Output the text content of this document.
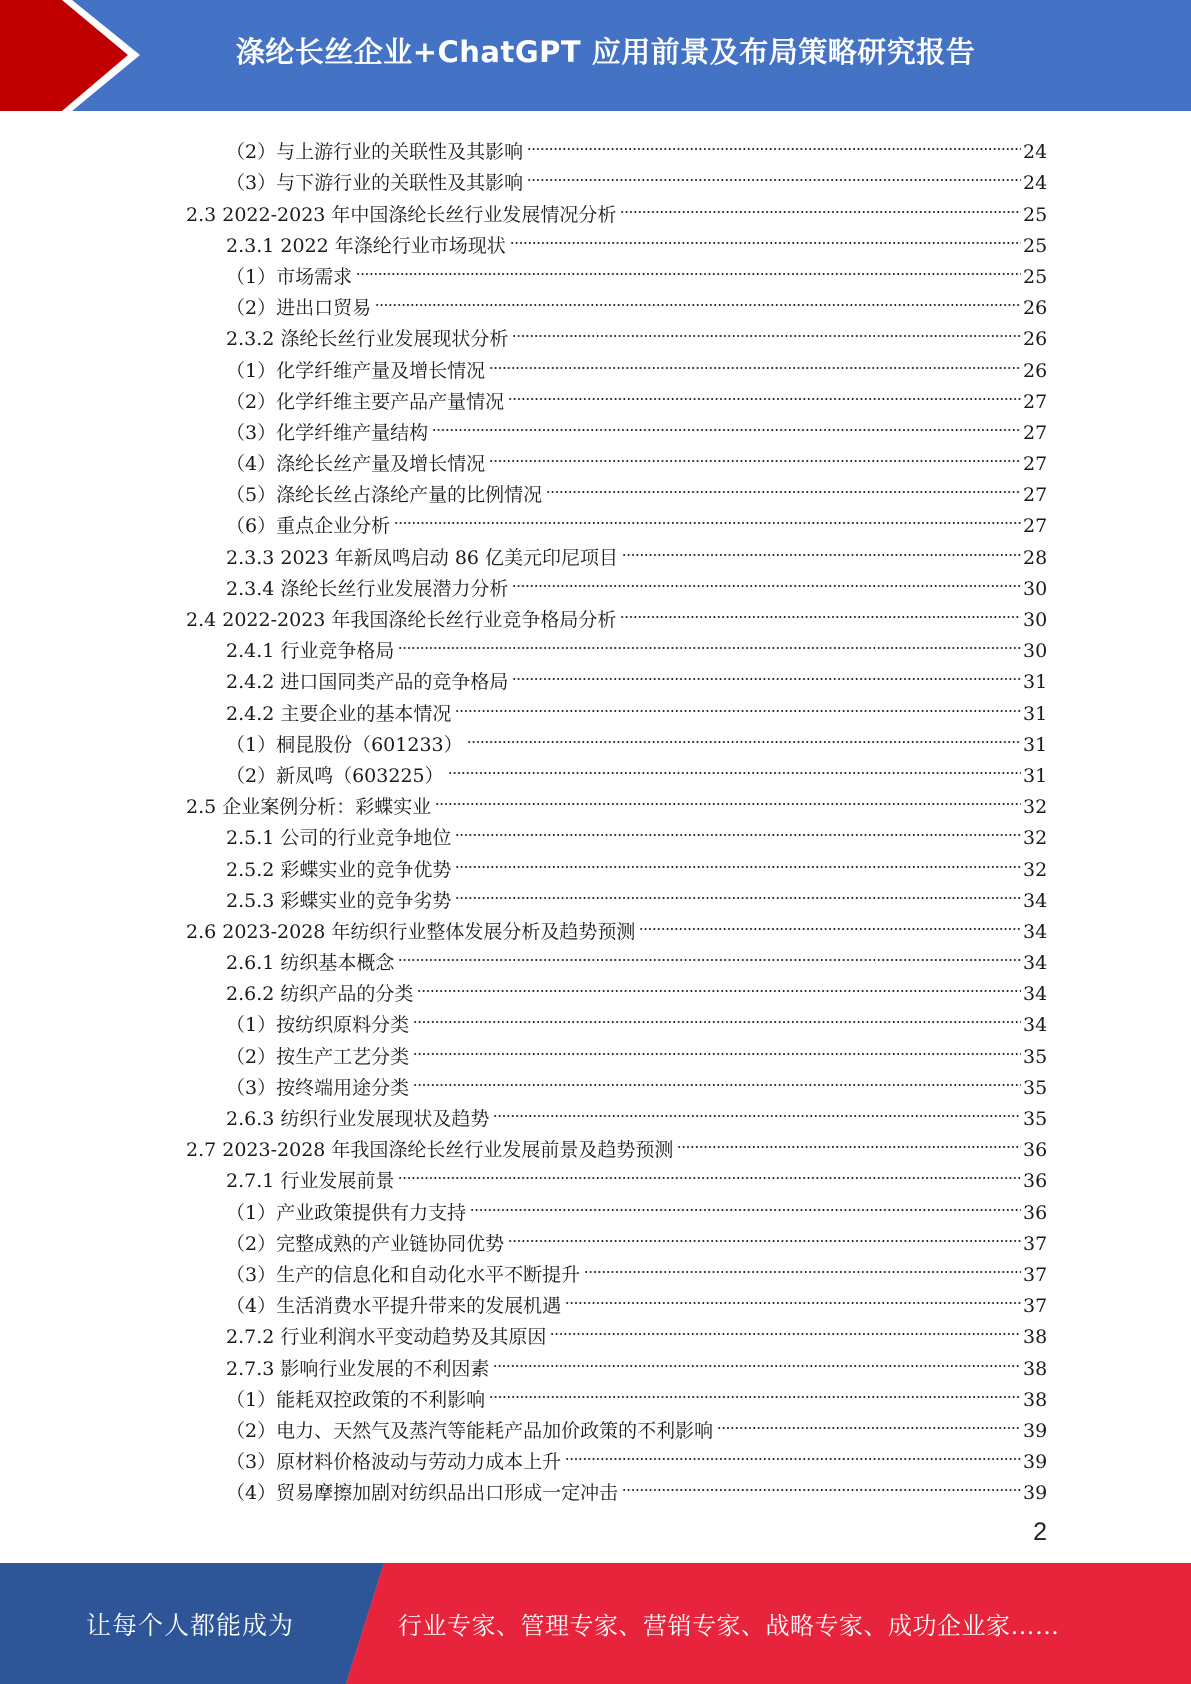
涤纶长丝企业+ChatGPT 应用前景及布局策略研究报告
（2）与上游行业的关联性及其影响	24
（3）与下游行业的关联性及其影响	24
2.3 2022-2023 年中国涤纶长丝行业发展情况分析	25
2.3.1 2022 年涤纶行业市场现状	25
（1）市场需求	25
（2）进出口贸易	26
2.3.2 涤纶长丝行业发展现状分析	26
（1）化学纤维产量及增长情况	26
（2）化学纤维主要产品产量情况	27
（3）化学纤维产量结构	27
（4）涤纶长丝产量及增长情况	27
（5）涤纶长丝占涤纶产量的比例情况	27
（6）重点企业分析	27
2.3.3 2023 年新凤鸣启动 86 亿美元印尼项目	28
2.3.4 涤纶长丝行业发展潜力分析	30
2.4 2022-2023 年我国涤纶长丝行业竞争格局分析	30
2.4.1 行业竞争格局	30
2.4.2 进口国同类产品的竞争格局	31
2.4.2 主要企业的基本情况	31
（1）桐昆股份（601233）	31
（2）新凤鸣（603225）	31
2.5 企业案例分析：彩蝶实业	32
2.5.1 公司的行业竞争地位	32
2.5.2 彩蝶实业的竞争优势	32
2.5.3 彩蝶实业的竞争劣势	34
2.6 2023-2028 年纺织行业整体发展分析及趋势预测	34
2.6.1 纺织基本概念	34
2.6.2 纺织产品的分类	34
（1）按纺织原料分类	34
（2）按生产工艺分类	35
（3）按终端用途分类	35
2.6.3 纺织行业发展现状及趋势	35
2.7 2023-2028 年我国涤纶长丝行业发展前景及趋势预测	36
2.7.1 行业发展前景	36
（1）产业政策提供有力支持	36
（2）完整成熟的产业链协同优势	37
（3）生产的信息化和自动化水平不断提升	37
（4）生活消费水平提升带来的发展机遇	37
2.7.2 行业利润水平变动趋势及其原因	38
2.7.3 影响行业发展的不利因素	38
（1）能耗双控政策的不利影响	38
（2）电力、天然气及蒸汽等能耗产品加价政策的不利影响	39
（3）原材料价格波动与劳动力成本上升	39
（4）贸易摩擦加剧对纺织品出口形成一定冲击	39
2
让每个人都能成为	行业专家、管理专家、营销专家、战略专家、成功企业家……
